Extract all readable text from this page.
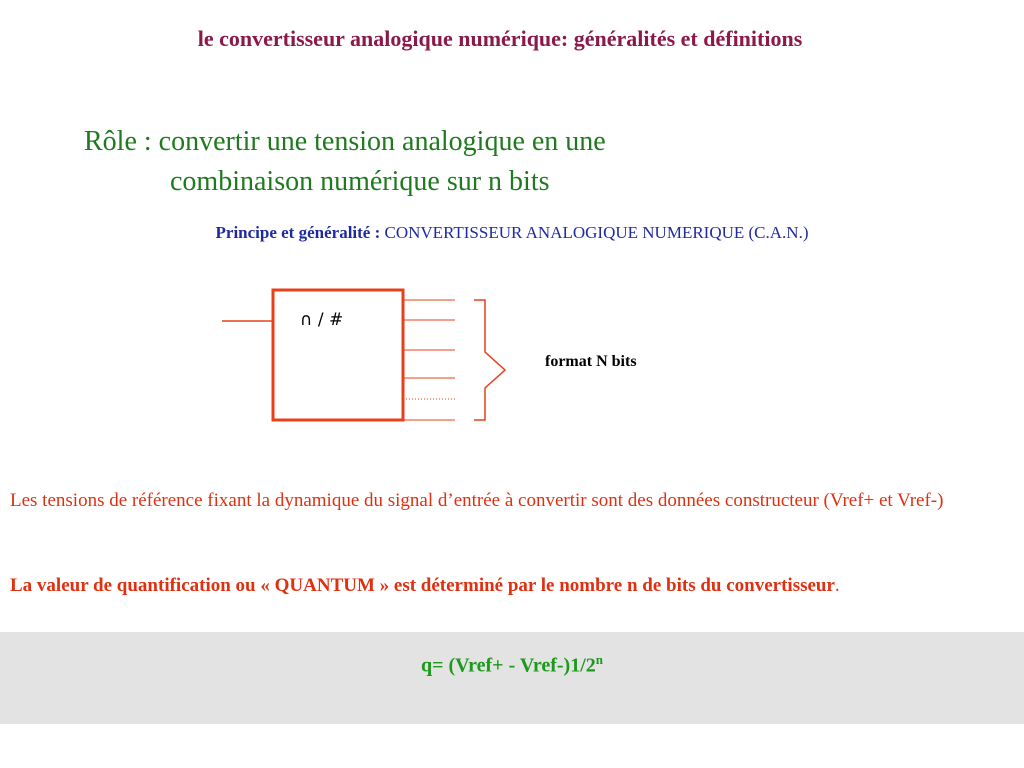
le convertisseur analogique numérique: généralités et définitions
Rôle : convertir une tension analogique en une
combinaison numérique sur n bits
Principe et généralité : CONVERTISSEUR ANALOGIQUE NUMERIQUE (C.A.N.)
∩ / #
format N bits
Les tensions de référence fixant la dynamique du signal d’entrée à convertir sont des données constructeur (Vref+ et Vref-)
La valeur de quantification ou « QUANTUM » est déterminé par le nombre n de bits du convertisseur.
q= (Vref+ - Vref-)1/2$^n$
